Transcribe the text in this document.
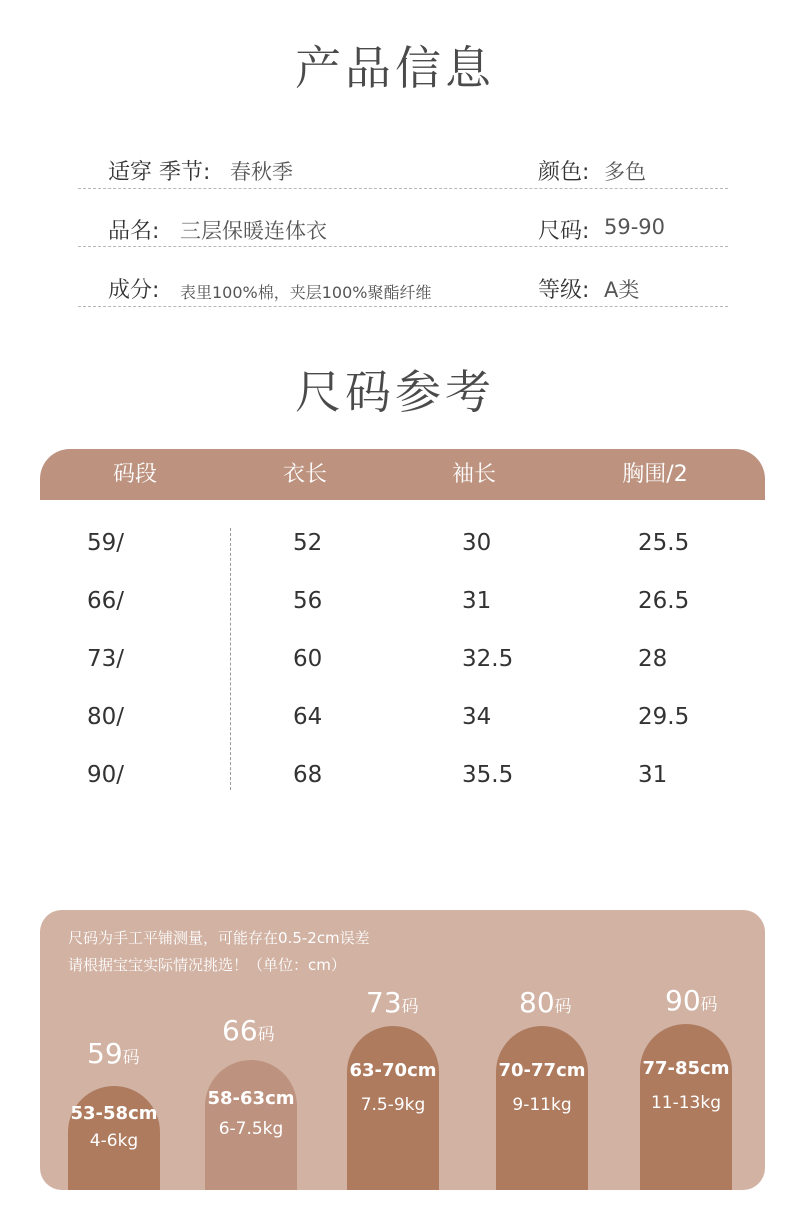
产品信息
适穿 季节: 春秋季	颜色: 多色
品名: 三层保暖连体衣	尺码: 59-90
成分: 表里100%棉，夹层100%聚酯纤维	等级: A类
尺码参考
码段	衣长	袖长	胸围/2
59/	52	30	25.5
66/	56	31	26.5
73/	60	32.5	28
80/	64	34	29.5
90/	68	35.5	31
尺码为手工平铺测量，可能存在0.5-2cm误差
请根据宝宝实际情况挑选！（单位：cm）
59码
53-58cm
4-6kg
66码
58-63cm
6-7.5kg
73码
63-70cm
7.5-9kg
80码
70-77cm
9-11kg
90码
77-85cm
11-13kg
